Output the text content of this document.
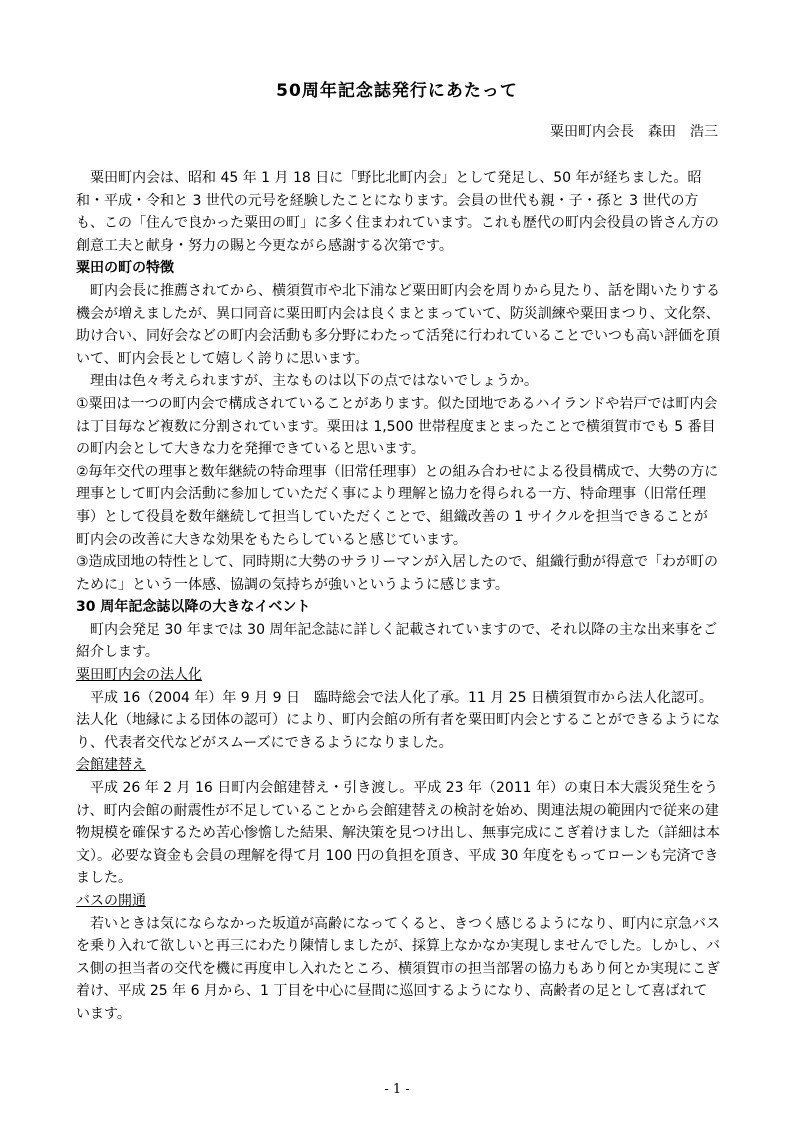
50周年記念誌発行にあたって
粟田町内会長　森田　浩三

粟田町内会は、昭和 45 年 1 月 18 日に「野比北町内会」として発足し、50 年が経ちました。昭和・平成・令和と 3 世代の元号を経験したことになります。会員の世代も親・子・孫と 3 世代の方も、この「住んで良かった粟田の町」に多く住まわれています。これも歴代の町内会役員の皆さん方の創意工夫と献身・努力の賜と今更ながら感謝する次第です。

粟田の町の特徴

町内会長に推薦されてから、横須賀市や北下浦など粟田町内会を周りから見たり、話を聞いたりする機会が増えましたが、異口同音に粟田町内会は良くまとまっていて、防災訓練や粟田まつり、文化祭、助け合い、同好会などの町内会活動も多分野にわたって活発に行われていることでいつも高い評価を頂いて、町内会長として嬉しく誇りに思います。

理由は色々考えられますが、主なものは以下の点ではないでしょうか。

①粟田は一つの町内会で構成されていることがあります。似た団地であるハイランドや岩戸では町内会は丁目毎など複数に分割されています。粟田は 1,500 世帯程度まとまったことで横須賀市でも 5 番目の町内会として大きな力を発揮できていると思います。

②毎年交代の理事と数年継続の特命理事（旧常任理事）との組み合わせによる役員構成で、大勢の方に理事として町内会活動に参加していただく事により理解と協力を得られる一方、特命理事（旧常任理事）として役員を数年継続して担当していただくことで、組織改善の 1 サイクルを担当できることが町内会の改善に大きな効果をもたらしていると感じています。

③造成団地の特性として、同時期に大勢のサラリーマンが入居したので、組織行動が得意で「わが町のために」という一体感、協調の気持ちが強いというように感じます。

30 周年記念誌以降の大きなイベント

町内会発足 30 年までは 30 周年記念誌に詳しく記載されていますので、それ以降の主な出来事をご紹介します。

粟田町内会の法人化

平成 16（2004 年）年 9 月 9 日　臨時総会で法人化了承。11 月 25 日横須賀市から法人化認可。法人化（地縁による団体の認可）により、町内会館の所有者を粟田町内会とすることができるようになり、代表者交代などがスムーズにできるようになりました。

会館建替え

平成 26 年 2 月 16 日町内会館建替え・引き渡し。平成 23 年（2011 年）の東日本大震災発生をうけ、町内会館の耐震性が不足していることから会館建替えの検討を始め、関連法規の範囲内で従来の建物規模を確保するため苦心惨憺した結果、解決策を見つけ出し、無事完成にこぎ着けました（詳細は本文）。必要な資金も会員の理解を得て月 100 円の負担を頂き、平成 30 年度をもってローンも完済できました。

バスの開通

若いときは気にならなかった坂道が高齢になってくると、きつく感じるようになり、町内に京急バスを乗り入れて欲しいと再三にわたり陳情しましたが、採算上なかなか実現しませんでした。しかし、バス側の担当者の交代を機に再度申し入れたところ、横須賀市の担当部署の協力もあり何とか実現にこぎ着け、平成 25 年 6 月から、1 丁目を中心に昼間に巡回するようになり、高齢者の足として喜ばれています。

- 1 -
